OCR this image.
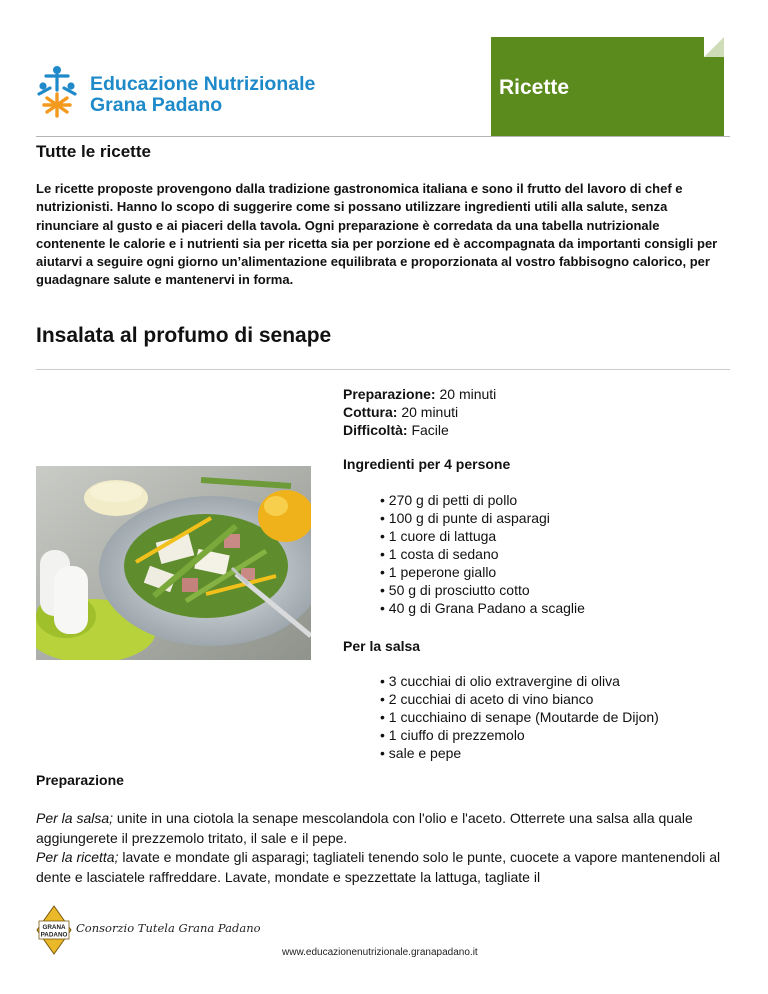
Educazione Nutrizionale
Grana Padano
Ricette
Tutte le ricette
Le ricette proposte provengono dalla tradizione gastronomica italiana e sono il frutto del lavoro di chef e nutrizionisti. Hanno lo scopo di suggerire come si possano utilizzare ingredienti utili alla salute, senza rinunciare al gusto e ai piaceri della tavola. Ogni preparazione è corredata da una tabella nutrizionale contenente le calorie e i nutrienti sia per ricetta sia per porzione ed è accompagnata da importanti consigli per aiutarvi a seguire ogni giorno un’alimentazione equilibrata e proporzionata al vostro fabbisogno calorico, per guadagnare salute e mantenervi in forma.
Insalata al profumo di senape
Preparazione: 20 minuti
Cottura: 20 minuti
Difficoltà: Facile
Ingredienti per 4 persone
• 270 g di petti di pollo
• 100 g di punte di asparagi
• 1 cuore di lattuga
• 1 costa di sedano
• 1 peperone giallo
• 50 g di prosciutto cotto
• 40 g di Grana Padano a scaglie
Per la salsa
• 3 cucchiai di olio extravergine di oliva
• 2 cucchiai di aceto di vino bianco
• 1 cucchiaino di senape (Moutarde de Dijon)
• 1 ciuffo di prezzemolo
• sale e pepe
Preparazione

Per la salsa; unite in una ciotola la senape mescolandola con l'olio e l'aceto. Otterrete una salsa alla quale aggiungerete il prezzemolo tritato, il sale e il pepe.

Per la ricetta; lavate e mondate gli asparagi; tagliateli tenendo solo le punte, cuocete a vapore mantenendoli al dente e lasciatele raffreddare. Lavate, mondate e spezzettate la lattuga, tagliate il

GRANA
PADANO Consorzio Tutela Grana Padano
www.educazionenutrizionale.granapadano.it
